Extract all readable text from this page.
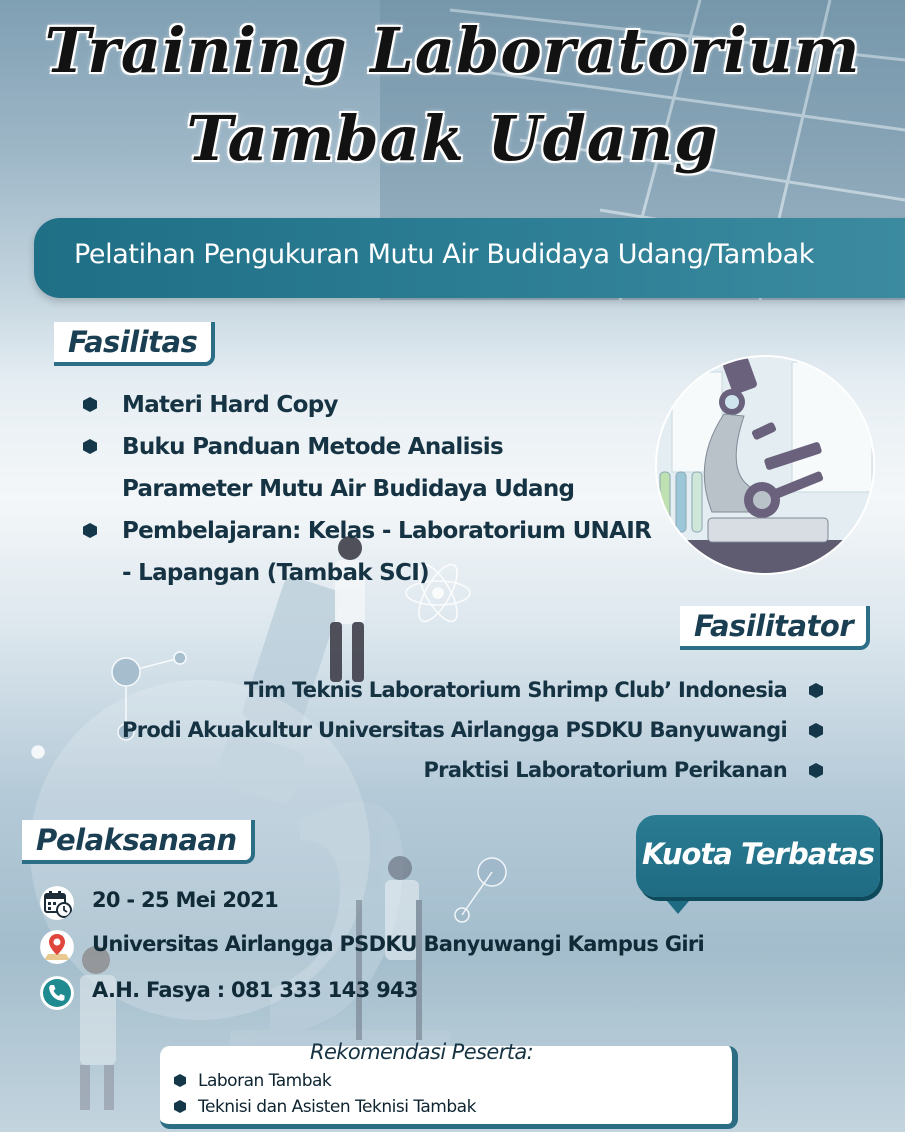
Training Laboratorium
Tambak Udang
Pelatihan Pengukuran Mutu Air Budidaya Udang/Tambak
Fasilitas
Materi Hard Copy
Buku Panduan Metode Analisis
Parameter Mutu Air Budidaya Udang
Pembelajaran: Kelas - Laboratorium UNAIR
- Lapangan (Tambak SCI)
Fasilitator
Tim Teknis Laboratorium Shrimp Club’ Indonesia
Prodi Akuakultur Universitas Airlangga PSDKU Banyuwangi
Praktisi Laboratorium Perikanan
Kuota Terbatas
Pelaksanaan
20 - 25 Mei 2021
Universitas Airlangga PSDKU Banyuwangi Kampus Giri
A.H. Fasya : 081 333 143 943
Rekomendasi Peserta:
Laboran Tambak
Teknisi dan Asisten Teknisi Tambak
